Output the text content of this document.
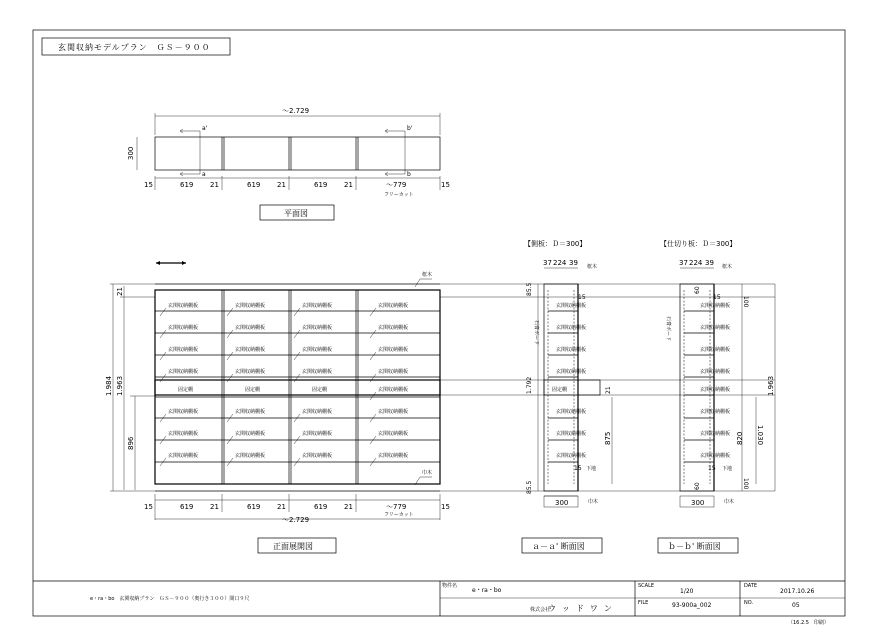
玄関収納モデルプラン　ＧＳ－９００
～2.729
300
a'
a
b'
b
15	619 21	619 21	619 21	～779	15
フリーカット
平面図
1.984 1.963
21
896
玄関収納棚板
玄関収納棚板
玄関収納棚板
玄関収納棚板
固定棚
玄関収納棚板
玄関収納棚板
玄関収納棚板
玄関収納棚板
玄関収納棚板
玄関収納棚板
玄関収納棚板
固定棚
玄関収納棚板
玄関収納棚板
玄関収納棚板
玄関収納棚板
玄関収納棚板
玄関収納棚板
玄関収納棚板
固定棚
玄関収納棚板
玄関収納棚板
玄関収納棚板
玄関収納棚板
玄関収納棚板
玄関収納棚板
玄関収納棚板
玄関収納棚板
玄関収納棚板
玄関収納棚板
玄関収納棚板
框木
巾木
15	619 21	619 21	619 21	～779	15
フリーカット
～2.729
正面展開図
【側板：Ｄ＝300】
37 224 39 框木
15
石膏ボード
玄関収納棚板
玄関収納棚板
玄関収納棚板
玄関収納棚板
固定棚
玄関収納棚板
玄関収納棚板
玄関収納棚板
85.5
1.792
85.5
875
21
15 下地
巾木
300
ａ－ａ' 断面図
【仕切り板：Ｄ＝300】
37 224 39 框木
15
石膏ボード
玄関収納棚板
玄関収納棚板
玄関収納棚板
玄関収納棚板
玄関収納棚板
玄関収納棚板
玄関収納棚板
玄関収納棚板
60
60
100
100
820 1.030
1.963
15 下地
巾木
300
ｂ－ｂ' 断面図
e・ra・bo　玄関収納プラン　ＧＳ－９００（奥行き３００）間口９尺
物件名
e・ra・bo
株式会社
ウッドワン
SCALE
1/20
FILE	93-900a_002
DATE
2017.10.26
NO.	05
（16.2.5　印刷）
